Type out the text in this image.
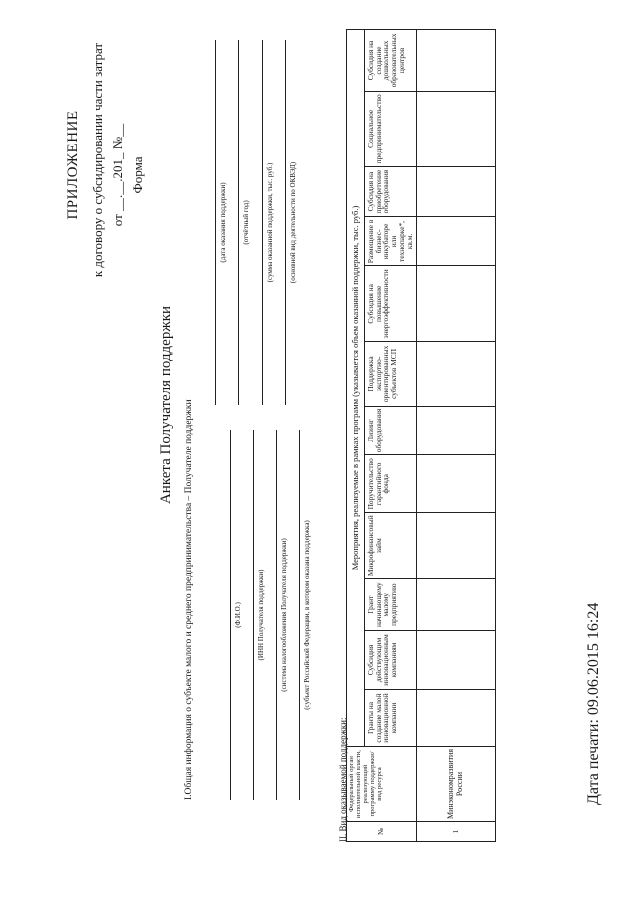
ПРИЛОЖЕНИЕ к договору о субсидировании части затрат от __.__.201_ №__ Форма
(дата оказания поддержки) (отчётный год) (сумма оказанной поддержки, тыс. руб.) (основной вид деятельности по ОКВЭД)
Анкета Получателя поддержки I.Общая информация о субъекте малого и среднего предпринимательства – Получателе поддержки	(Ф.И.О.) (ИНН Получателя поддержки) (система налогообложения Получателя поддержки) (субъект Российской Федерации, в котором оказана поддержка)
II. Вид оказываемой поддержки:	№	Федеральный орган исполнительной власти, реализующий программу поддержки/вид ресурса	Мероприятия, реализуемые в рамках программ (указывается объем оказанной поддержки, тыс. руб.)											
		Гранты на создание малой инновационной компании	Субсидия действующим инновационным компаниям	Грант начинающему малому предприятию	Микрофинансовый займ	Поручительство гарантийного фонда	Лизинг оборудования	Поддержка экспортно-ориентированных субъектов МСП	Субсидия на повышение энергоэффективности	Размещение в бизнес-инкубаторе или технопарке*, кв.м.	Субсидия на приобретение оборудования	Социальное предпринимательство	Субсидия на создание дошкольных образовательных центров
1	Минэкономразвития России													Дата печати: 09.06.2015 16:24
